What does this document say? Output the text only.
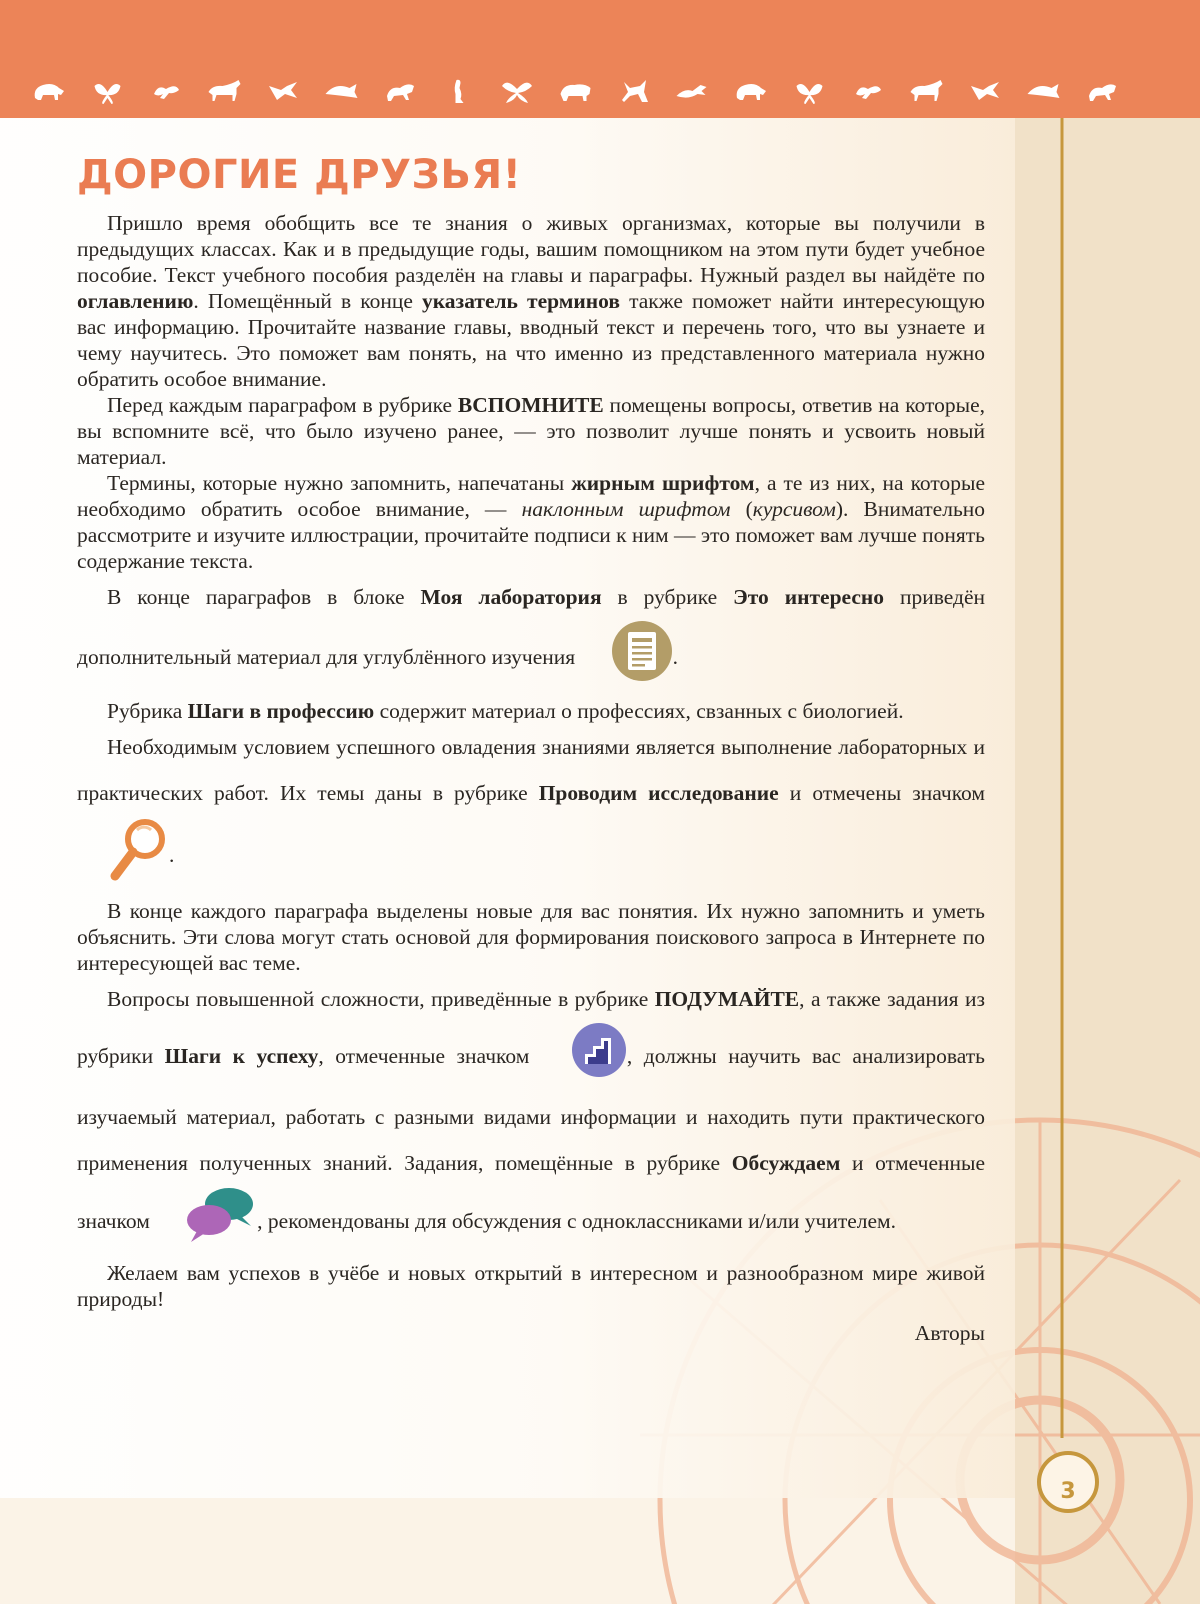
ДОРОГИЕ ДРУЗЬЯ!

Пришло время обобщить все те знания о живых организмах, которые вы получили в предыдущих классах. Как и в предыдущие годы, вашим помощником на этом пути будет учебное пособие. Текст учебного пособия разделён на главы и параграфы. Нужный раздел вы найдёте по оглавлению. Помещённый в конце указатель терминов также поможет найти интересующую вас информацию. Прочитайте название главы, вводный текст и перечень того, что вы узнаете и чему научитесь. Это поможет вам понять, на что именно из представленного материала нужно обратить особое внимание.

Перед каждым параграфом в рубрике ВСПОМНИТЕ помещены вопросы, ответив на которые, вы вспомните всё, что было изучено ранее, — это позволит лучше понять и усвоить новый материал.

Термины, которые нужно запомнить, напечатаны жирным шрифтом, а те из них, на которые необходимо обратить особое внимание, — наклонным шрифтом (курсивом). Внимательно рассмотрите и изучите иллюстрации, прочитайте подписи к ним — это поможет вам лучше понять содержание текста.

В конце параграфов в блоке Моя лаборатория в рубрике Это интересно приведён дополнительный материал для углублённого изучения	.

Рубрика Шаги в профессию содержит материал о профессиях, свзанных с биологией.

Необходимым условием успешного овладения знаниями является выполнение лабораторных и практических работ. Их темы даны в рубрике Проводим исследование и отмечены значком .

В конце каждого параграфа выделены новые для вас понятия. Их нужно запомнить и уметь объяснить. Эти слова могут стать основой для формирования поискового запроса в Интернете по интересующей вас теме.

Вопросы повышенной сложности, приведённые в рубрике ПОДУМАЙТЕ, а также задания из рубрики Шаги к успеху, отмеченные значком	, должны научить вас анализировать изучаемый материал, работать с разными видами информации и находить пути практического применения полученных знаний. Задания, помещённые в рубрике Обсуждаем и отмеченные значком	, рекомендованы для обсуждения с одноклассниками и/или учителем.

Желаем вам успехов в учёбе и новых открытий в интересном и разнообразном мире живой природы!

Авторы
3
